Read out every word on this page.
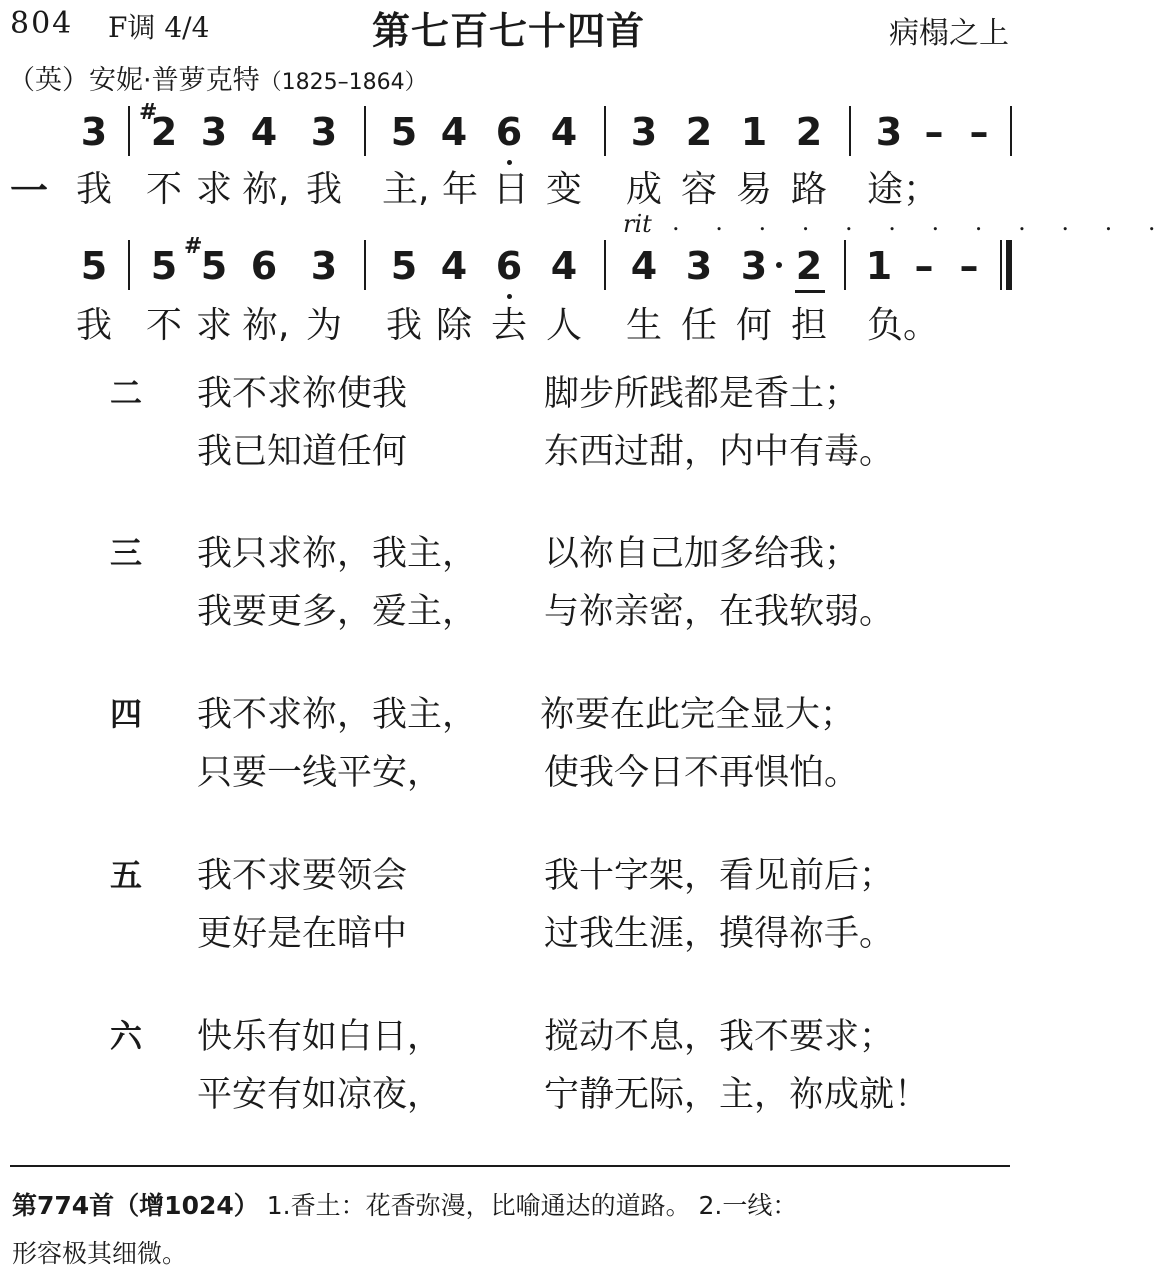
804 F调 4/4	第七百七十四首	病榻之上
（英）安妮·普萝克特（1825–1864）
一
3	#
2 3 4 3 5 4 6 4 3 2 1 2 3 – –
我 不 求 祢, 我 主, 年 日 变 成 容 易 路 途；
rit . . . . . . . . . . . .
5 5 #
5 6 3 5 4 6 4 4 3 3 2 1 – –
我 不 求 祢, 为 我 除 去 人 生 任 何 担 负。
二 我不求祢使我	脚步所践都是香土；
我已知道任何	东西过甜，内中有毒。
三 我只求祢，我主， 以祢自己加多给我；
我要更多，爱主， 与祢亲密，在我软弱。
四 我不求祢，我主， 祢要在此完全显大；
只要一线平安，	使我今日不再惧怕。
五 我不求要领会	我十字架，看见前后；
更好是在暗中	过我生涯，摸得祢手。
六 快乐有如白日，	搅动不息，我不要求；
平安有如凉夜，	宁静无际，主，祢成就！
第774首（增1024） 1.香土：花香弥漫，比喻通达的道路。 2.一线：
形容极其细微。
